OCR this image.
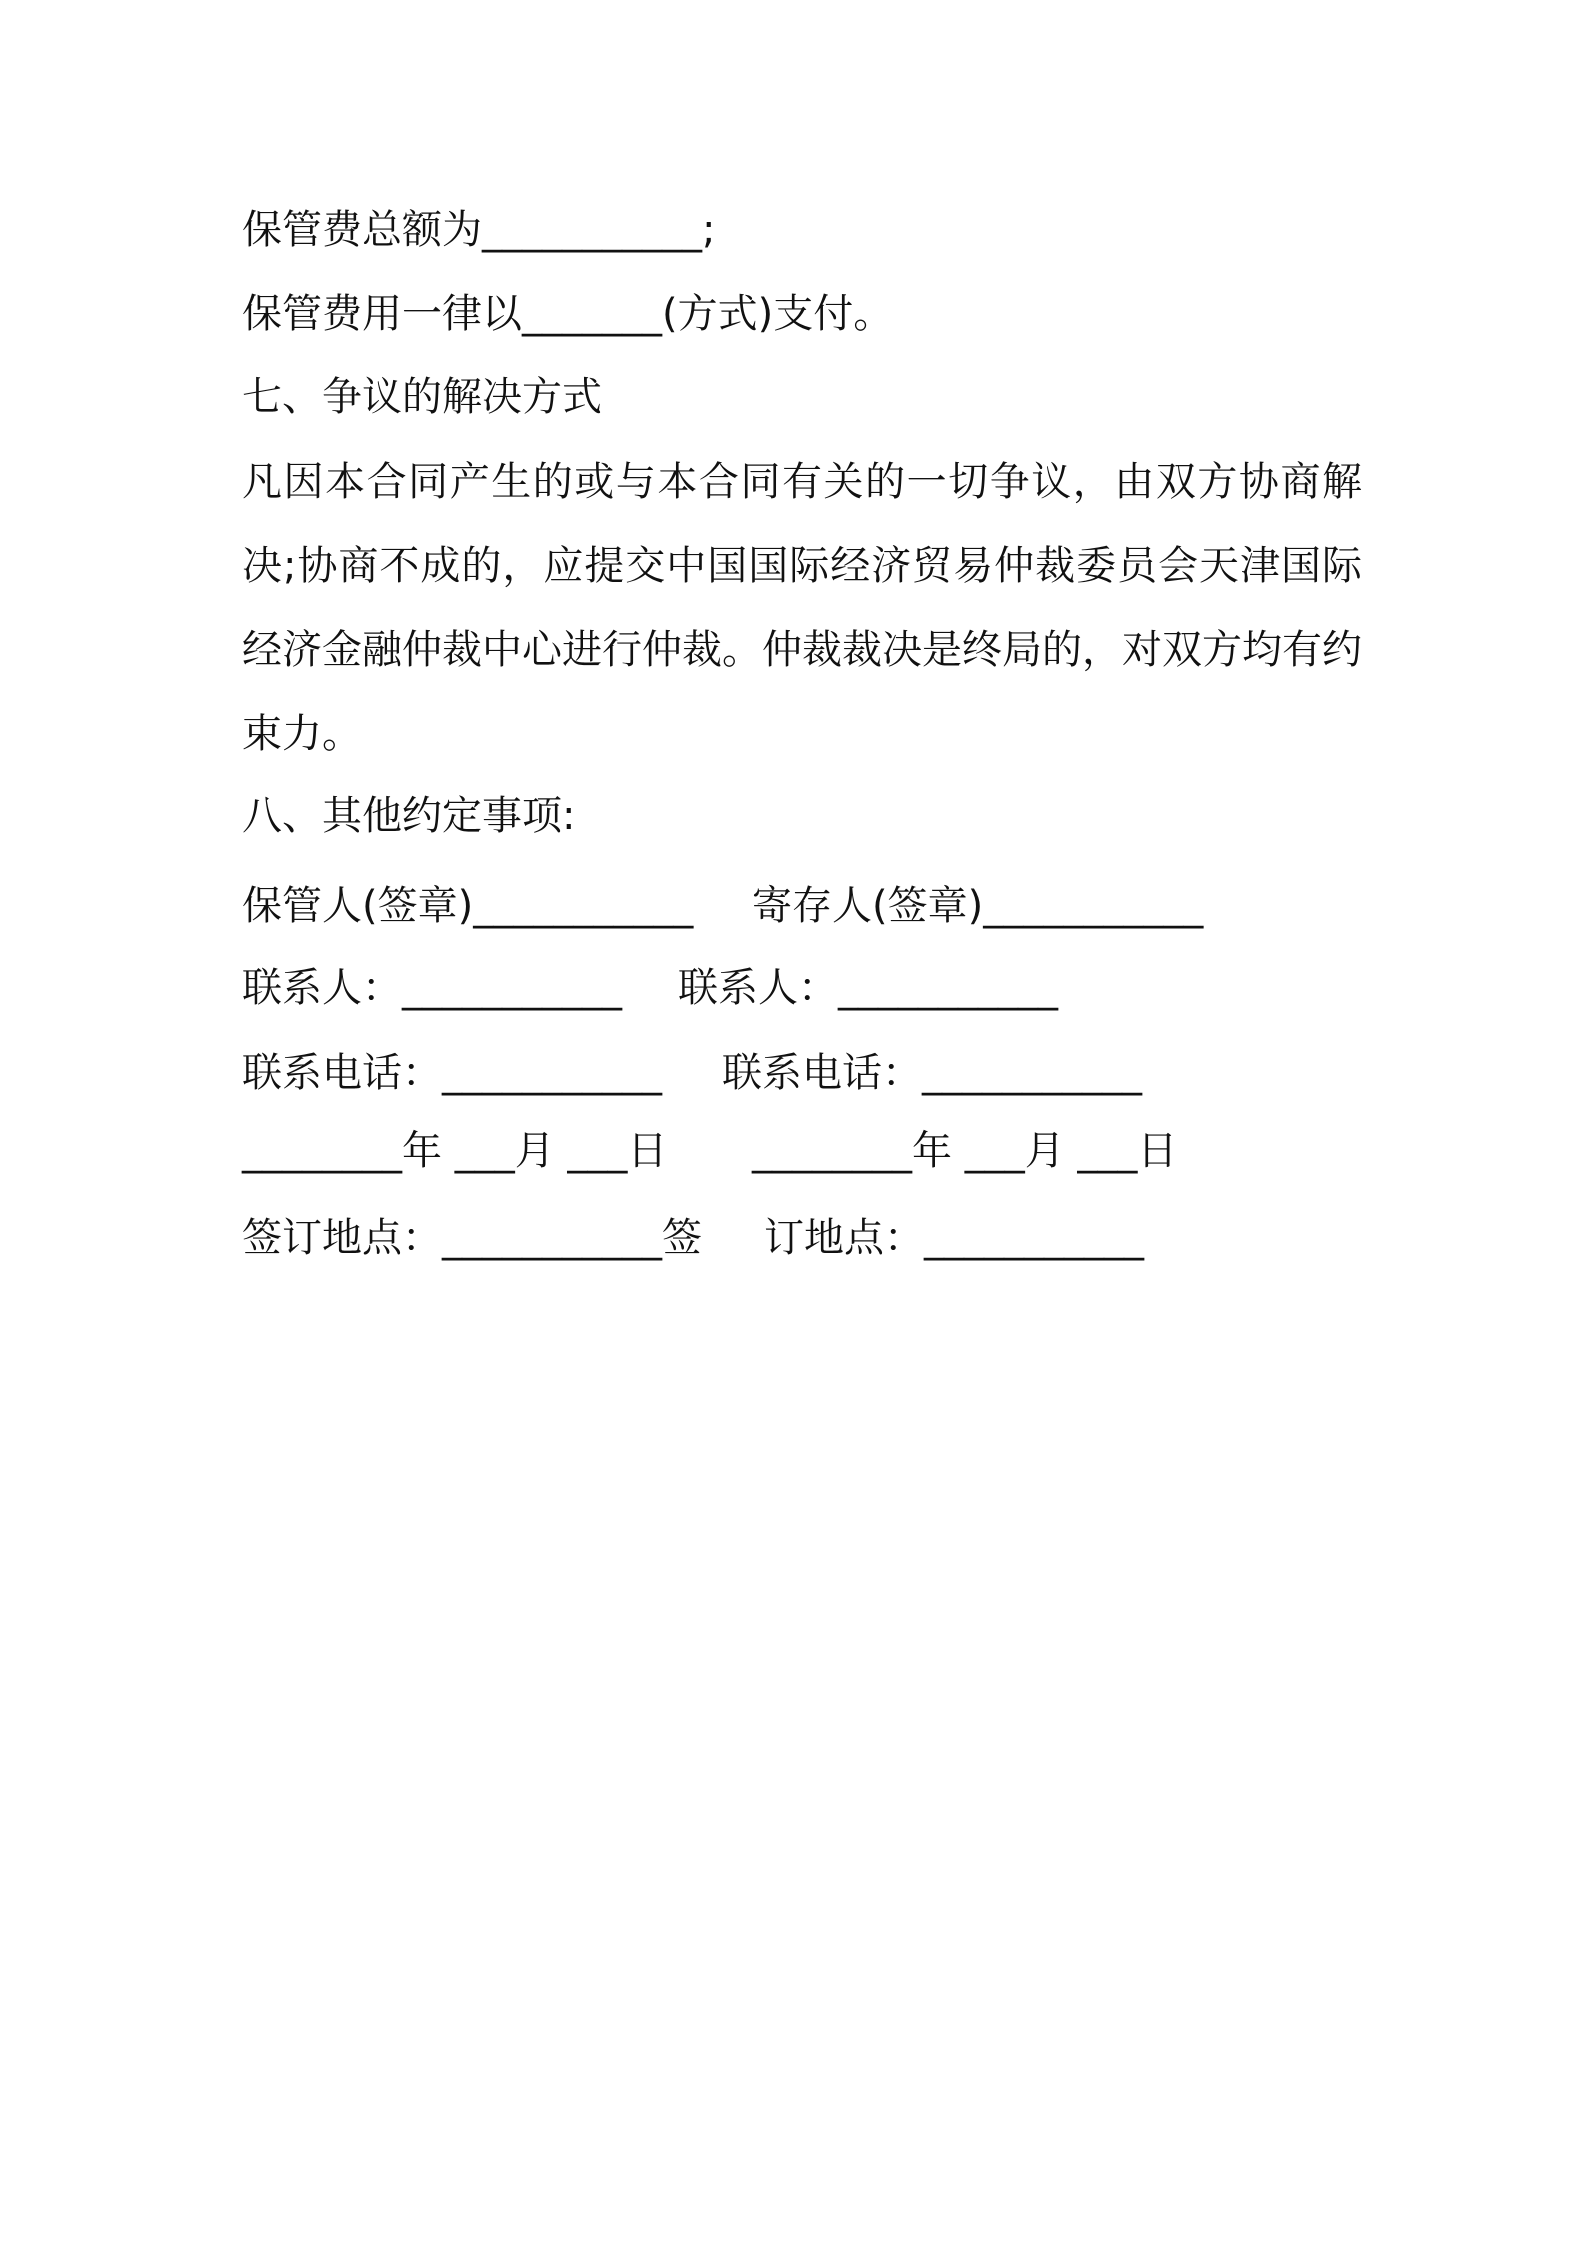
保管费总额为___________;
保管费用一律以_______(方式)支付。
七、争议的解决方式

凡因本合同产生的或与本合同有关的一切争议，由双方协商解决;协商不成的，应提交中国国际经济贸易仲裁委员会天津国际经济金融仲裁中心进行仲裁。仲裁裁决是终局的，对双方均有约束力。

八、其他约定事项:
保管人(签章)___________ 寄存人(签章)___________
联系人：___________ 联系人：___________
联系电话：___________ 联系电话：___________
________年 ___月 ___日 ________年 ___月 ___日
签订地点：___________签 订地点：___________
